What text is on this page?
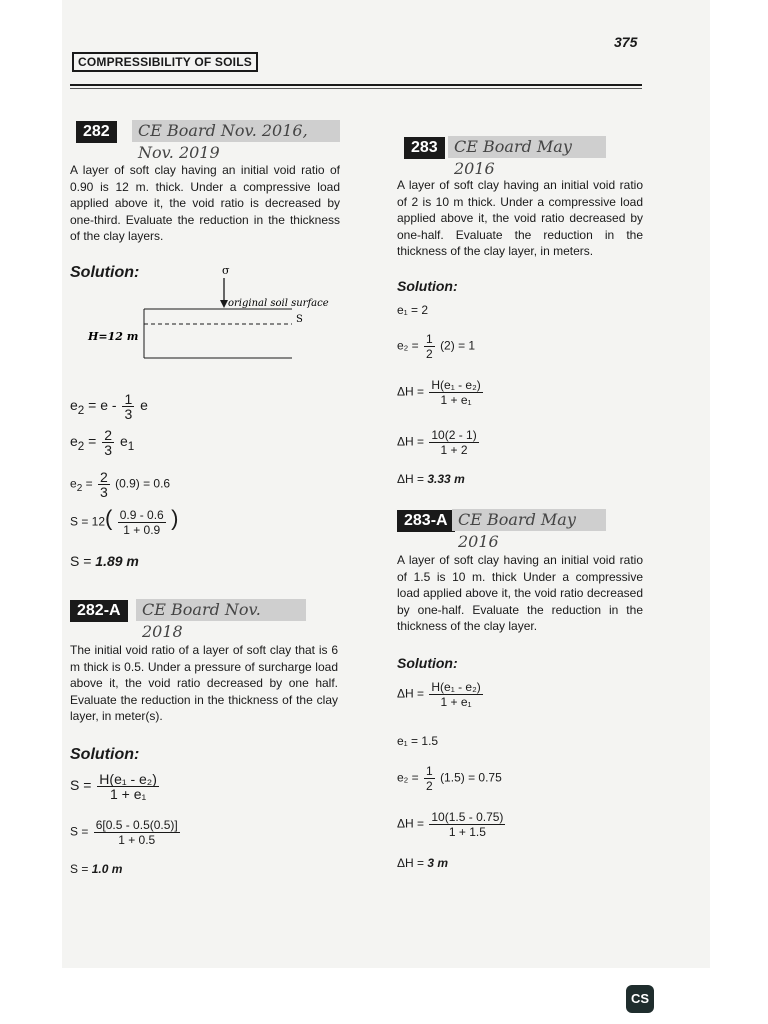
375
COMPRESSIBILITY OF SOILS
282	CE Board Nov. 2016, Nov. 2019
A layer of soft clay having an initial void ratio of 0.90 is 12 m. thick. Under a compressive load applied above it, the void ratio is decreased by one-third. Evaluate the reduction in the thickness of the clay layers.
Solution:	σ
original soil surface
S
H=12 m
$e_2 = e - \frac{1}{3}$ e
$e_2 = \frac{2}{3} e_1$
$e_2 = \frac{2}{3} (0.9) = 0.6$
$S = 12( \frac{0.9 - 0.6}{1 + 0.9}$ )
S = 1.89 m
282-A	CE Board Nov. 2018
The initial void ratio of a layer of soft clay that is 6 m thick is 0.5. Under a pressure of surcharge load above it, the void ratio decreased by one half. Evaluate the reduction in the thickness of the clay layer, in meter(s).
Solution:
$S = \frac{\text{H(e₁ - e₂)}}{\text{1 + e₁}}$
$S = \frac{6[0.5 - 0.5(0.5)]}{1 + 0.5}$
S = 1.0 m
283	CE Board May 2016
A layer of soft clay having an initial void ratio of 2 is 10 m thick. Under a compressive load applied above it, the void ratio decreased by one-half. Evaluate the reduction in the thickness of the clay layer, in meters.
Solution:
e₁ = 2
$e_2 = \frac{1}{2} (2) = 1$
$\Delta H = \frac{\text{H(e₁ - e₂)}}{\text{1 + e₁}}$
$\Delta H = \frac{10(2 - 1)}{1 + 2}$
ΔH = 3.33 m
283-A CE Board May 2016
A layer of soft clay having an initial void ratio of 1.5 is 10 m. thick Under a compressive load applied above it, the void ratio decreased by one-half. Evaluate the reduction in the thickness of the clay layer.
Solution:
$\Delta H = \frac{\text{H(e₁ - e₂)}}{\text{1 + e₁}}$
e₁ = 1.5
$e_2 = \frac{1}{2} (1.5) = 0.75$
$\Delta H = \frac{10(1.5 - 0.75)}{1 + 1.5}$
ΔH = 3 m
CS
